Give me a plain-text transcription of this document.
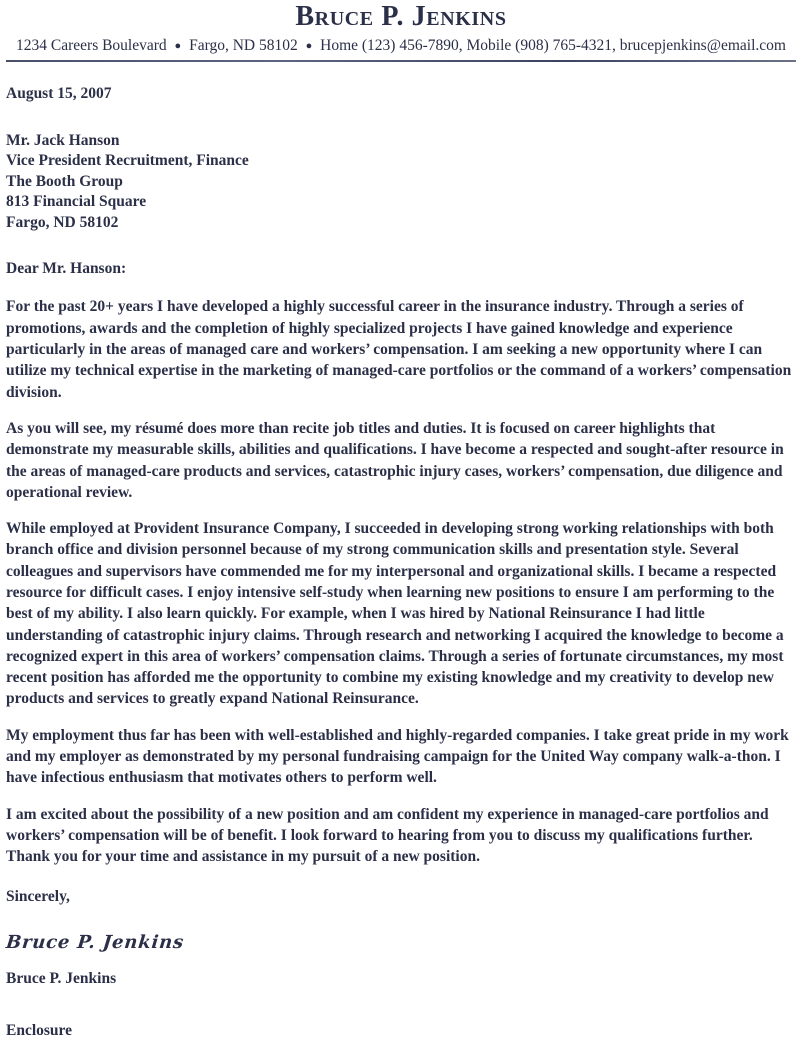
Bruce P. Jenkins
1234 Careers Boulevard ● Fargo, ND 58102 ● Home (123) 456-7890, Mobile (908) 765-4321, brucepjenkins@email.com
August 15, 2007
Mr. Jack Hanson
Vice President Recruitment, Finance
The Booth Group
813 Financial Square
Fargo, ND 58102
Dear Mr. Hanson:

For the past 20+ years I have developed a highly successful career in the insurance industry. Through a series of promotions, awards and the completion of highly specialized projects I have gained knowledge and experience particularly in the areas of managed care and workers’ compensation. I am seeking a new opportunity where I can utilize my technical expertise in the marketing of managed-care portfolios or the command of a workers’ compensation division.

As you will see, my résumé does more than recite job titles and duties. It is focused on career highlights that demonstrate my measurable skills, abilities and qualifications. I have become a respected and sought-after resource in the areas of managed-care products and services, catastrophic injury cases, workers’ compensation, due diligence and operational review.

While employed at Provident Insurance Company, I succeeded in developing strong working relationships with both branch office and division personnel because of my strong communication skills and presentation style. Several colleagues and supervisors have commended me for my interpersonal and organizational skills. I became a respected resource for difficult cases. I enjoy intensive self-study when learning new positions to ensure I am performing to the best of my ability. I also learn quickly. For example, when I was hired by National Reinsurance I had little understanding of catastrophic injury claims. Through research and networking I acquired the knowledge to become a recognized expert in this area of workers’ compensation claims. Through a series of fortunate circumstances, my most recent position has afforded me the opportunity to combine my existing knowledge and my creativity to develop new products and services to greatly expand National Reinsurance.

My employment thus far has been with well-established and highly-regarded companies. I take great pride in my work and my employer as demonstrated by my personal fundraising campaign for the United Way company walk-a-thon. I have infectious enthusiasm that motivates others to perform well.

I am excited about the possibility of a new position and am confident my experience in managed-care portfolios and workers’ compensation will be of benefit. I look forward to hearing from you to discuss my qualifications further. Thank you for your time and assistance in my pursuit of a new position.

Sincerely,
Bruce P. Jenkins
Bruce P. Jenkins
Enclosure
